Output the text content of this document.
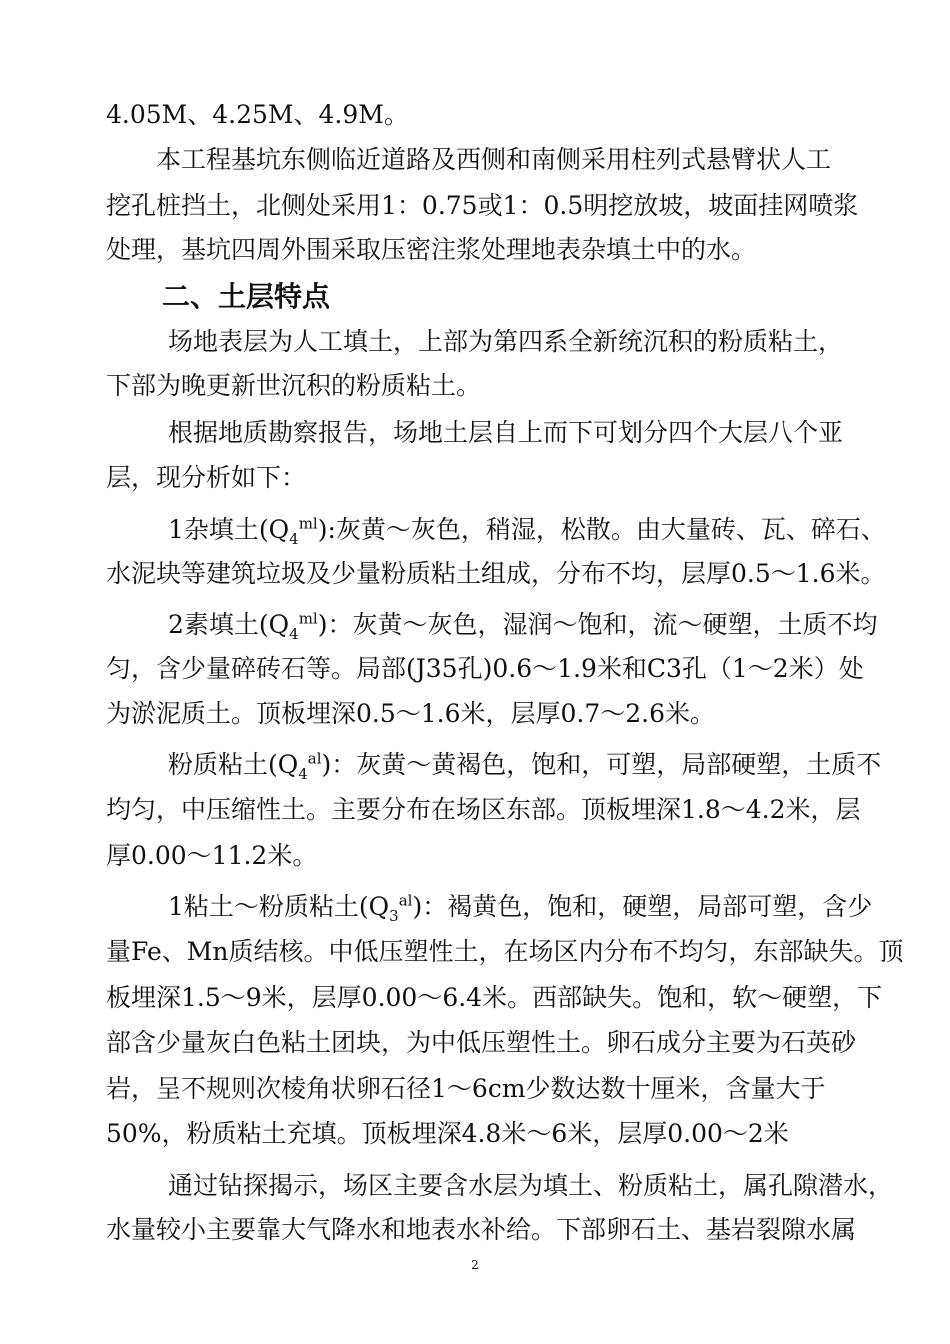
4.05M、4.25M、4.9M。
本工程基坑东侧临近道路及西侧和南侧采用柱列式悬臂状人工
挖孔桩挡土，北侧处采用1：0.75或1：0.5明挖放坡，坡面挂网喷浆
处理，基坑四周外围采取压密注浆处理地表杂填土中的水。
二、土层特点
场地表层为人工填土，上部为第四系全新统沉积的粉质粘土，
下部为晚更新世沉积的粉质粘土。
根据地质勘察报告，场地土层自上而下可划分四个大层八个亚
层，现分析如下：
1杂填土$(Q_4^{ml})$:灰黄～灰色，稍湿，松散。由大量砖、瓦、碎石、
水泥块等建筑垃圾及少量粉质粘土组成，分布不均，层厚0.5～1.6米。
2素填土$(Q_4^{ml})$：灰黄～灰色，湿润～饱和，流～硬塑，土质不均
匀，含少量碎砖石等。局部(J35孔)0.6～1.9米和C3孔（1～2米）处
为淤泥质土。顶板埋深0.5～1.6米，层厚0.7～2.6米。
粉质粘土$(Q_4^{al})$：灰黄～黄褐色，饱和，可塑，局部硬塑，土质不
均匀，中压缩性土。主要分布在场区东部。顶板埋深1.8～4.2米，层
厚0.00～11.2米。
1粘土～粉质粘土$(Q_3^{al})$：褐黄色，饱和，硬塑，局部可塑，含少
量Fe、Mn质结核。中低压塑性土，在场区内分布不均匀，东部缺失。顶
板埋深1.5～9米，层厚0.00～6.4米。西部缺失。饱和，软～硬塑，下
部含少量灰白色粘土团块，为中低压塑性土。卵石成分主要为石英砂
岩，呈不规则次棱角状卵石径1～6cm少数达数十厘米，含量大于
50%，粉质粘土充填。顶板埋深4.8米～6米，层厚0.00～2米
通过钻探揭示，场区主要含水层为填土、粉质粘土，属孔隙潜水，
水量较小主要靠大气降水和地表水补给。下部卵石土、基岩裂隙水属
2
